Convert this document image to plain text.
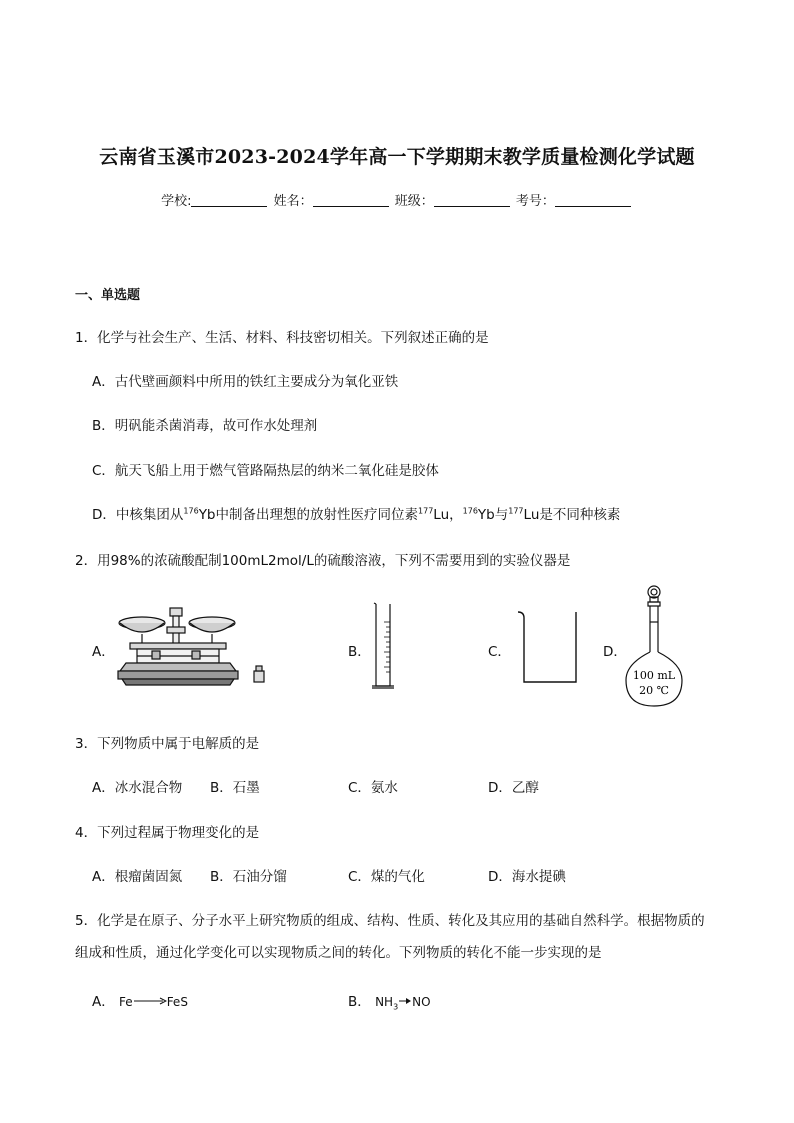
云南省玉溪市2023-2024学年高一下学期期末教学质量检测化学试题
学校:	姓名：	班级：	考号：
一、单选题
1．化学与社会生产、生活、材料、科技密切相关。下列叙述正确的是
A．古代壁画颜料中所用的铁红主要成分为氧化亚铁
B．明矾能杀菌消毒，故可作水处理剂
C．航天飞船上用于燃气管路隔热层的纳米二氧化硅是胶体
D．中核集团从$^{176}$Yb中制备出理想的放射性医疗同位素$^{177}$Lu，$^{176}$Yb与$^{177}$Lu是不同种核素
2．用98%的浓硫酸配制100mL2mol/L的硫酸溶液，下列不需要用到的实验仪器是
A．	B．	C．	D．
100 mL
20 ℃
3．下列物质中属于电解质的是
A．冰水混合物 B．石墨	C．氨水	D．乙醇
4．下列过程属于物理变化的是
A．根瘤菌固氮 B．石油分馏	C．煤的气化	D．海水提碘
5．化学是在原子、分子水平上研究物质的组成、结构、性质、转化及其应用的基础自然科学。根据物质的
组成和性质，通过化学变化可以实现物质之间的转化。下列物质的转化不能一步实现的是
A． Fe	FeS	B． $NH_3$ NO
